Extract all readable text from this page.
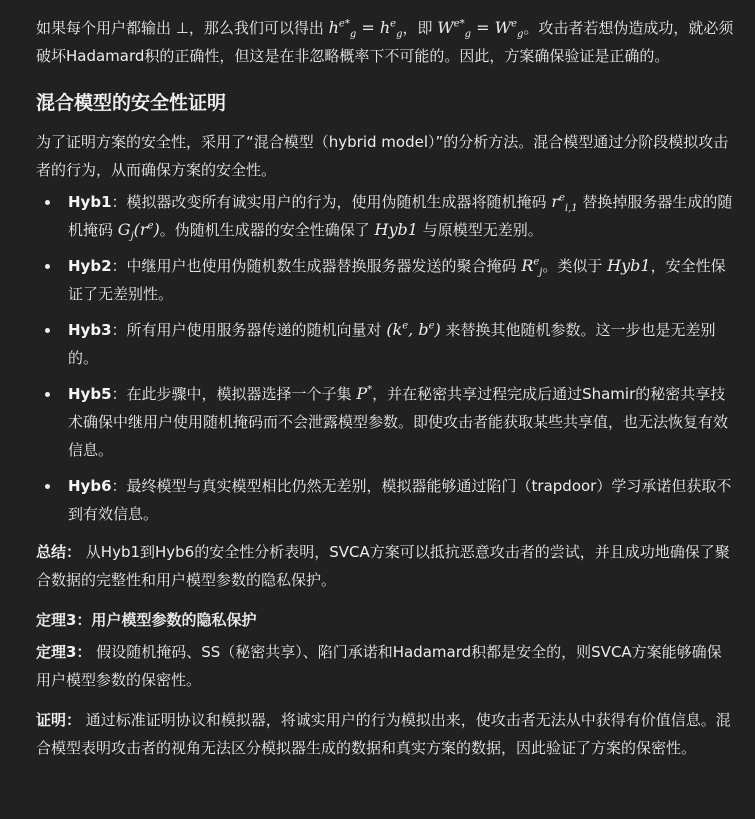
如果每个用户都输出 ⊥，那么我们可以得出 $h^{e*}_g = h^e_g$，即 $W^{e*}_g = W^e_g$。攻击者若想伪造成功，就必须破坏Hadamard积的正确性，但这是在非忽略概率下不可能的。因此，方案确保验证是正确的。

混合模型的安全性证明

为了证明方案的安全性，采用了“混合模型（hybrid model）”的分析方法。混合模型通过分阶段模拟攻击者的行为，从而确保方案的安全性。

Hyb1：模拟器改变所有诚实用户的行为，使用伪随机生成器将随机掩码 $r^e_{i,1}$ 替换掉服务器生成的随机掩码 $G_j(r^e)$。伪随机生成器的安全性确保了 Hyb1 与原模型无差别。
Hyb2：中继用户也使用伪随机数生成器替换服务器发送的聚合掩码 $R^e_j$。类似于 Hyb1，安全性保证了无差别性。
Hyb3：所有用户使用服务器传递的随机向量对 ($k^e$, $b^e$) 来替换其他随机参数。这一步也是无差别的。
Hyb5：在此步骤中，模拟器选择一个子集 P*，并在秘密共享过程完成后通过Shamir的秘密共享技术确保中继用户使用随机掩码而不会泄露模型参数。即使攻击者能获取某些共享值，也无法恢复有效信息。
Hyb6：最终模型与真实模型相比仍然无差别，模拟器能够通过陷门（trapdoor）学习承诺但获取不到有效信息。

总结： 从Hyb1到Hyb6的安全性分析表明，SVCA方案可以抵抗恶意攻击者的尝试，并且成功地确保了聚合数据的完整性和用户模型参数的隐私保护。

定理3：用户模型参数的隐私保护

定理3： 假设随机掩码、SS（秘密共享）、陷门承诺和Hadamard积都是安全的，则SVCA方案能够确保用户模型参数的保密性。

证明： 通过标准证明协议和模拟器，将诚实用户的行为模拟出来，使攻击者无法从中获得有价值信息。混合模型表明攻击者的视角无法区分模拟器生成的数据和真实方案的数据，因此验证了方案的保密性。
